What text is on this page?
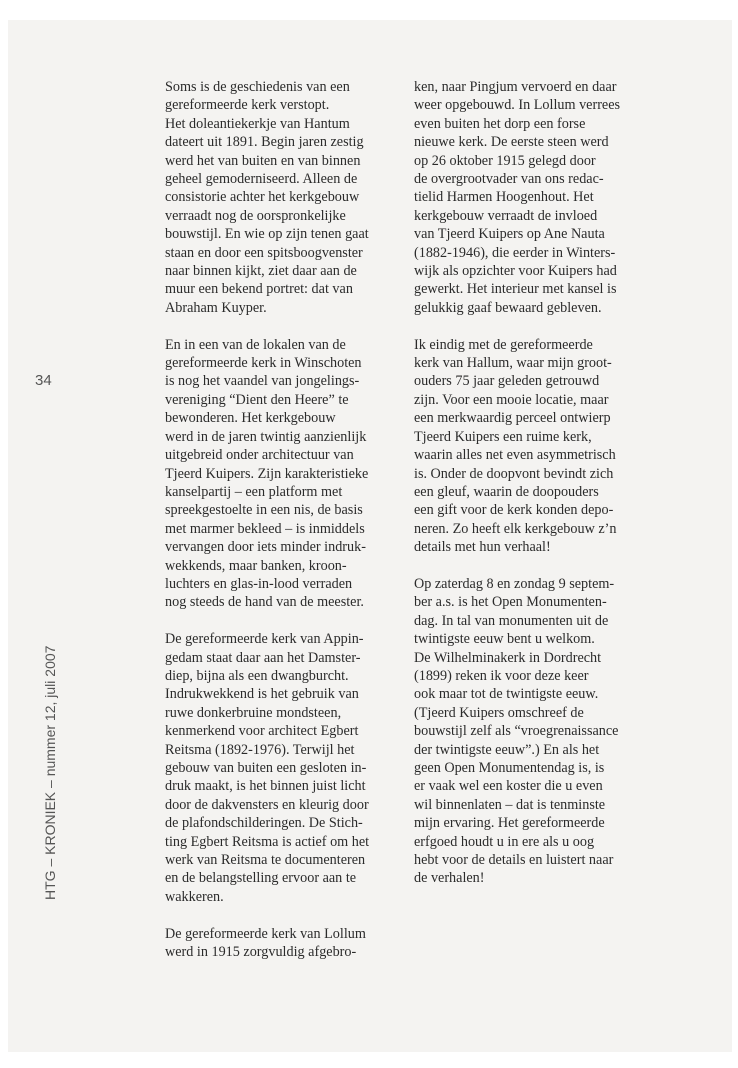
34
HTG – KRONIEK – nummer 12, juli 2007

Soms is de geschiedenis van een
gereformeerde kerk verstopt.
Het doleantiekerkje van Hantum
dateert uit 1891. Begin jaren zestig
werd het van buiten en van binnen
geheel gemoderniseerd. Alleen de
consistorie achter het kerkgebouw
verraadt nog de oorspronkelijke
bouwstijl. En wie op zijn tenen gaat
staan en door een spitsboogvenster
naar binnen kijkt, ziet daar aan de
muur een bekend portret: dat van
Abraham Kuyper.

En in een van de lokalen van de
gereformeerde kerk in Winschoten
is nog het vaandel van jongelings-
vereniging “Dient den Heere” te
bewonderen. Het kerkgebouw
werd in de jaren twintig aanzienlijk
uitgebreid onder architectuur van
Tjeerd Kuipers. Zijn karakteristieke
kanselpartij – een platform met
spreekgestoelte in een nis, de basis
met marmer bekleed – is inmiddels
vervangen door iets minder indruk-
wekkends, maar banken, kroon-
luchters en glas-in-lood verraden
nog steeds de hand van de meester.

De gereformeerde kerk van Appin-
gedam staat daar aan het Damster-
diep, bijna als een dwangburcht.
Indrukwekkend is het gebruik van
ruwe donkerbruine mondsteen,
kenmerkend voor architect Egbert
Reitsma (1892-1976). Terwijl het
gebouw van buiten een gesloten in-
druk maakt, is het binnen juist licht
door de dakvensters en kleurig door
de plafondschilderingen. De Stich-
ting Egbert Reitsma is actief om het
werk van Reitsma te documenteren
en de belangstelling ervoor aan te
wakkeren.

De gereformeerde kerk van Lollum
werd in 1915 zorgvuldig afgebro-

ken, naar Pingjum vervoerd en daar
weer opgebouwd. In Lollum verrees
even buiten het dorp een forse
nieuwe kerk. De eerste steen werd
op 26 oktober 1915 gelegd door
de overgrootvader van ons redac-
tielid Harmen Hoogenhout. Het
kerkgebouw verraadt de invloed
van Tjeerd Kuipers op Ane Nauta
(1882-1946), die eerder in Winters-
wijk als opzichter voor Kuipers had
gewerkt. Het interieur met kansel is
gelukkig gaaf bewaard gebleven.

Ik eindig met de gereformeerde
kerk van Hallum, waar mijn groot-
ouders 75 jaar geleden getrouwd
zijn. Voor een mooie locatie, maar
een merkwaardig perceel ontwierp
Tjeerd Kuipers een ruime kerk,
waarin alles net even asymmetrisch
is. Onder de doopvont bevindt zich
een gleuf, waarin de doopouders
een gift voor de kerk konden depo-
neren. Zo heeft elk kerkgebouw z’n
details met hun verhaal!

Op zaterdag 8 en zondag 9 septem-
ber a.s. is het Open Monumenten-
dag. In tal van monumenten uit de
twintigste eeuw bent u welkom.
De Wilhelminakerk in Dordrecht
(1899) reken ik voor deze keer
ook maar tot de twintigste eeuw.
(Tjeerd Kuipers omschreef de
bouwstijl zelf als “vroegrenaissance
der twintigste eeuw”.) En als het
geen Open Monumentendag is, is
er vaak wel een koster die u even
wil binnenlaten – dat is tenminste
mijn ervaring. Het gereformeerde
erfgoed houdt u in ere als u oog
hebt voor de details en luistert naar
de verhalen!
